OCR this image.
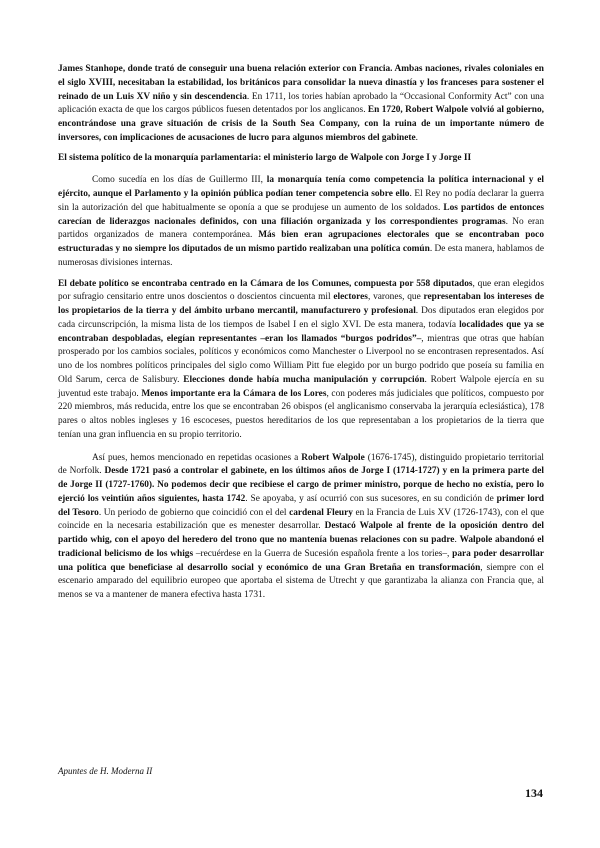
James Stanhope, donde trató de conseguir una buena relación exterior con Francia. Ambas naciones, rivales coloniales en el siglo XVIII, necesitaban la estabilidad, los británicos para consolidar la nueva dinastía y los franceses para sostener el reinado de un Luis XV niño y sin descendencia. En 1711, los tories habían aprobado la “Occasional Conformity Act” con una aplicación exacta de que los cargos públicos fuesen detentados por los anglicanos. En 1720, Robert Walpole volvió al gobierno, encontrándose una grave situación de crisis de la South Sea Company, con la ruina de un importante número de inversores, con implicaciones de acusaciones de lucro para algunos miembros del gabinete.

El sistema político de la monarquía parlamentaria: el ministerio largo de Walpole con Jorge I y Jorge II

Como sucedía en los días de Guillermo III, la monarquía tenía como competencia la política internacional y el ejército, aunque el Parlamento y la opinión pública podían tener competencia sobre ello. El Rey no podía declarar la guerra sin la autorización del que habitualmente se oponía a que se produjese un aumento de los soldados. Los partidos de entonces carecían de liderazgos nacionales definidos, con una filiación organizada y los correspondientes programas. No eran partidos organizados de manera contemporánea. Más bien eran agrupaciones electorales que se encontraban poco estructuradas y no siempre los diputados de un mismo partido realizaban una política común. De esta manera, hablamos de numerosas divisiones internas.

El debate político se encontraba centrado en la Cámara de los Comunes, compuesta por 558 diputados, que eran elegidos por sufragio censitario entre unos doscientos o doscientos cincuenta mil electores, varones, que representaban los intereses de los propietarios de la tierra y del ámbito urbano mercantil, manufacturero y profesional. Dos diputados eran elegidos por cada circunscripción, la misma lista de los tiempos de Isabel I en el siglo XVI. De esta manera, todavía localidades que ya se encontraban despobladas, elegían representantes –eran los llamados “burgos podridos”–, mientras que otras que habían prosperado por los cambios sociales, políticos y económicos como Manchester o Liverpool no se encontrasen representados. Así uno de los nombres políticos principales del siglo como William Pitt fue elegido por un burgo podrido que poseía su familia en Old Sarum, cerca de Salisbury. Elecciones donde había mucha manipulación y corrupción. Robert Walpole ejercía en su juventud este trabajo. Menos importante era la Cámara de los Lores, con poderes más judiciales que políticos, compuesto por 220 miembros, más reducida, entre los que se encontraban 26 obispos (el anglicanismo conservaba la jerarquía eclesiástica), 178 pares o altos nobles ingleses y 16 escoceses, puestos hereditarios de los que representaban a los propietarios de la tierra que tenían una gran influencia en su propio territorio.

Así pues, hemos mencionado en repetidas ocasiones a Robert Walpole (1676-1745), distinguido propietario territorial de Norfolk. Desde 1721 pasó a controlar el gabinete, en los últimos años de Jorge I (1714-1727) y en la primera parte del de Jorge II (1727-1760). No podemos decir que recibiese el cargo de primer ministro, porque de hecho no existía, pero lo ejerció los veintiún años siguientes, hasta 1742. Se apoyaba, y así ocurrió con sus sucesores, en su condición de primer lord del Tesoro. Un periodo de gobierno que coincidió con el del cardenal Fleury en la Francia de Luis XV (1726-1743), con el que coincide en la necesaria estabilización que es menester desarrollar. Destacó Walpole al frente de la oposición dentro del partido whig, con el apoyo del heredero del trono que no mantenía buenas relaciones con su padre. Walpole abandonó el tradicional belicismo de los whigs –recuérdese en la Guerra de Sucesión española frente a los tories–, para poder desarrollar una política que beneficiase al desarrollo social y económico de una Gran Bretaña en transformación, siempre con el escenario amparado del equilibrio europeo que aportaba el sistema de Utrecht y que garantizaba la alianza con Francia que, al menos se va a mantener de manera efectiva hasta 1731.

Apuntes de H. Moderna II
134
